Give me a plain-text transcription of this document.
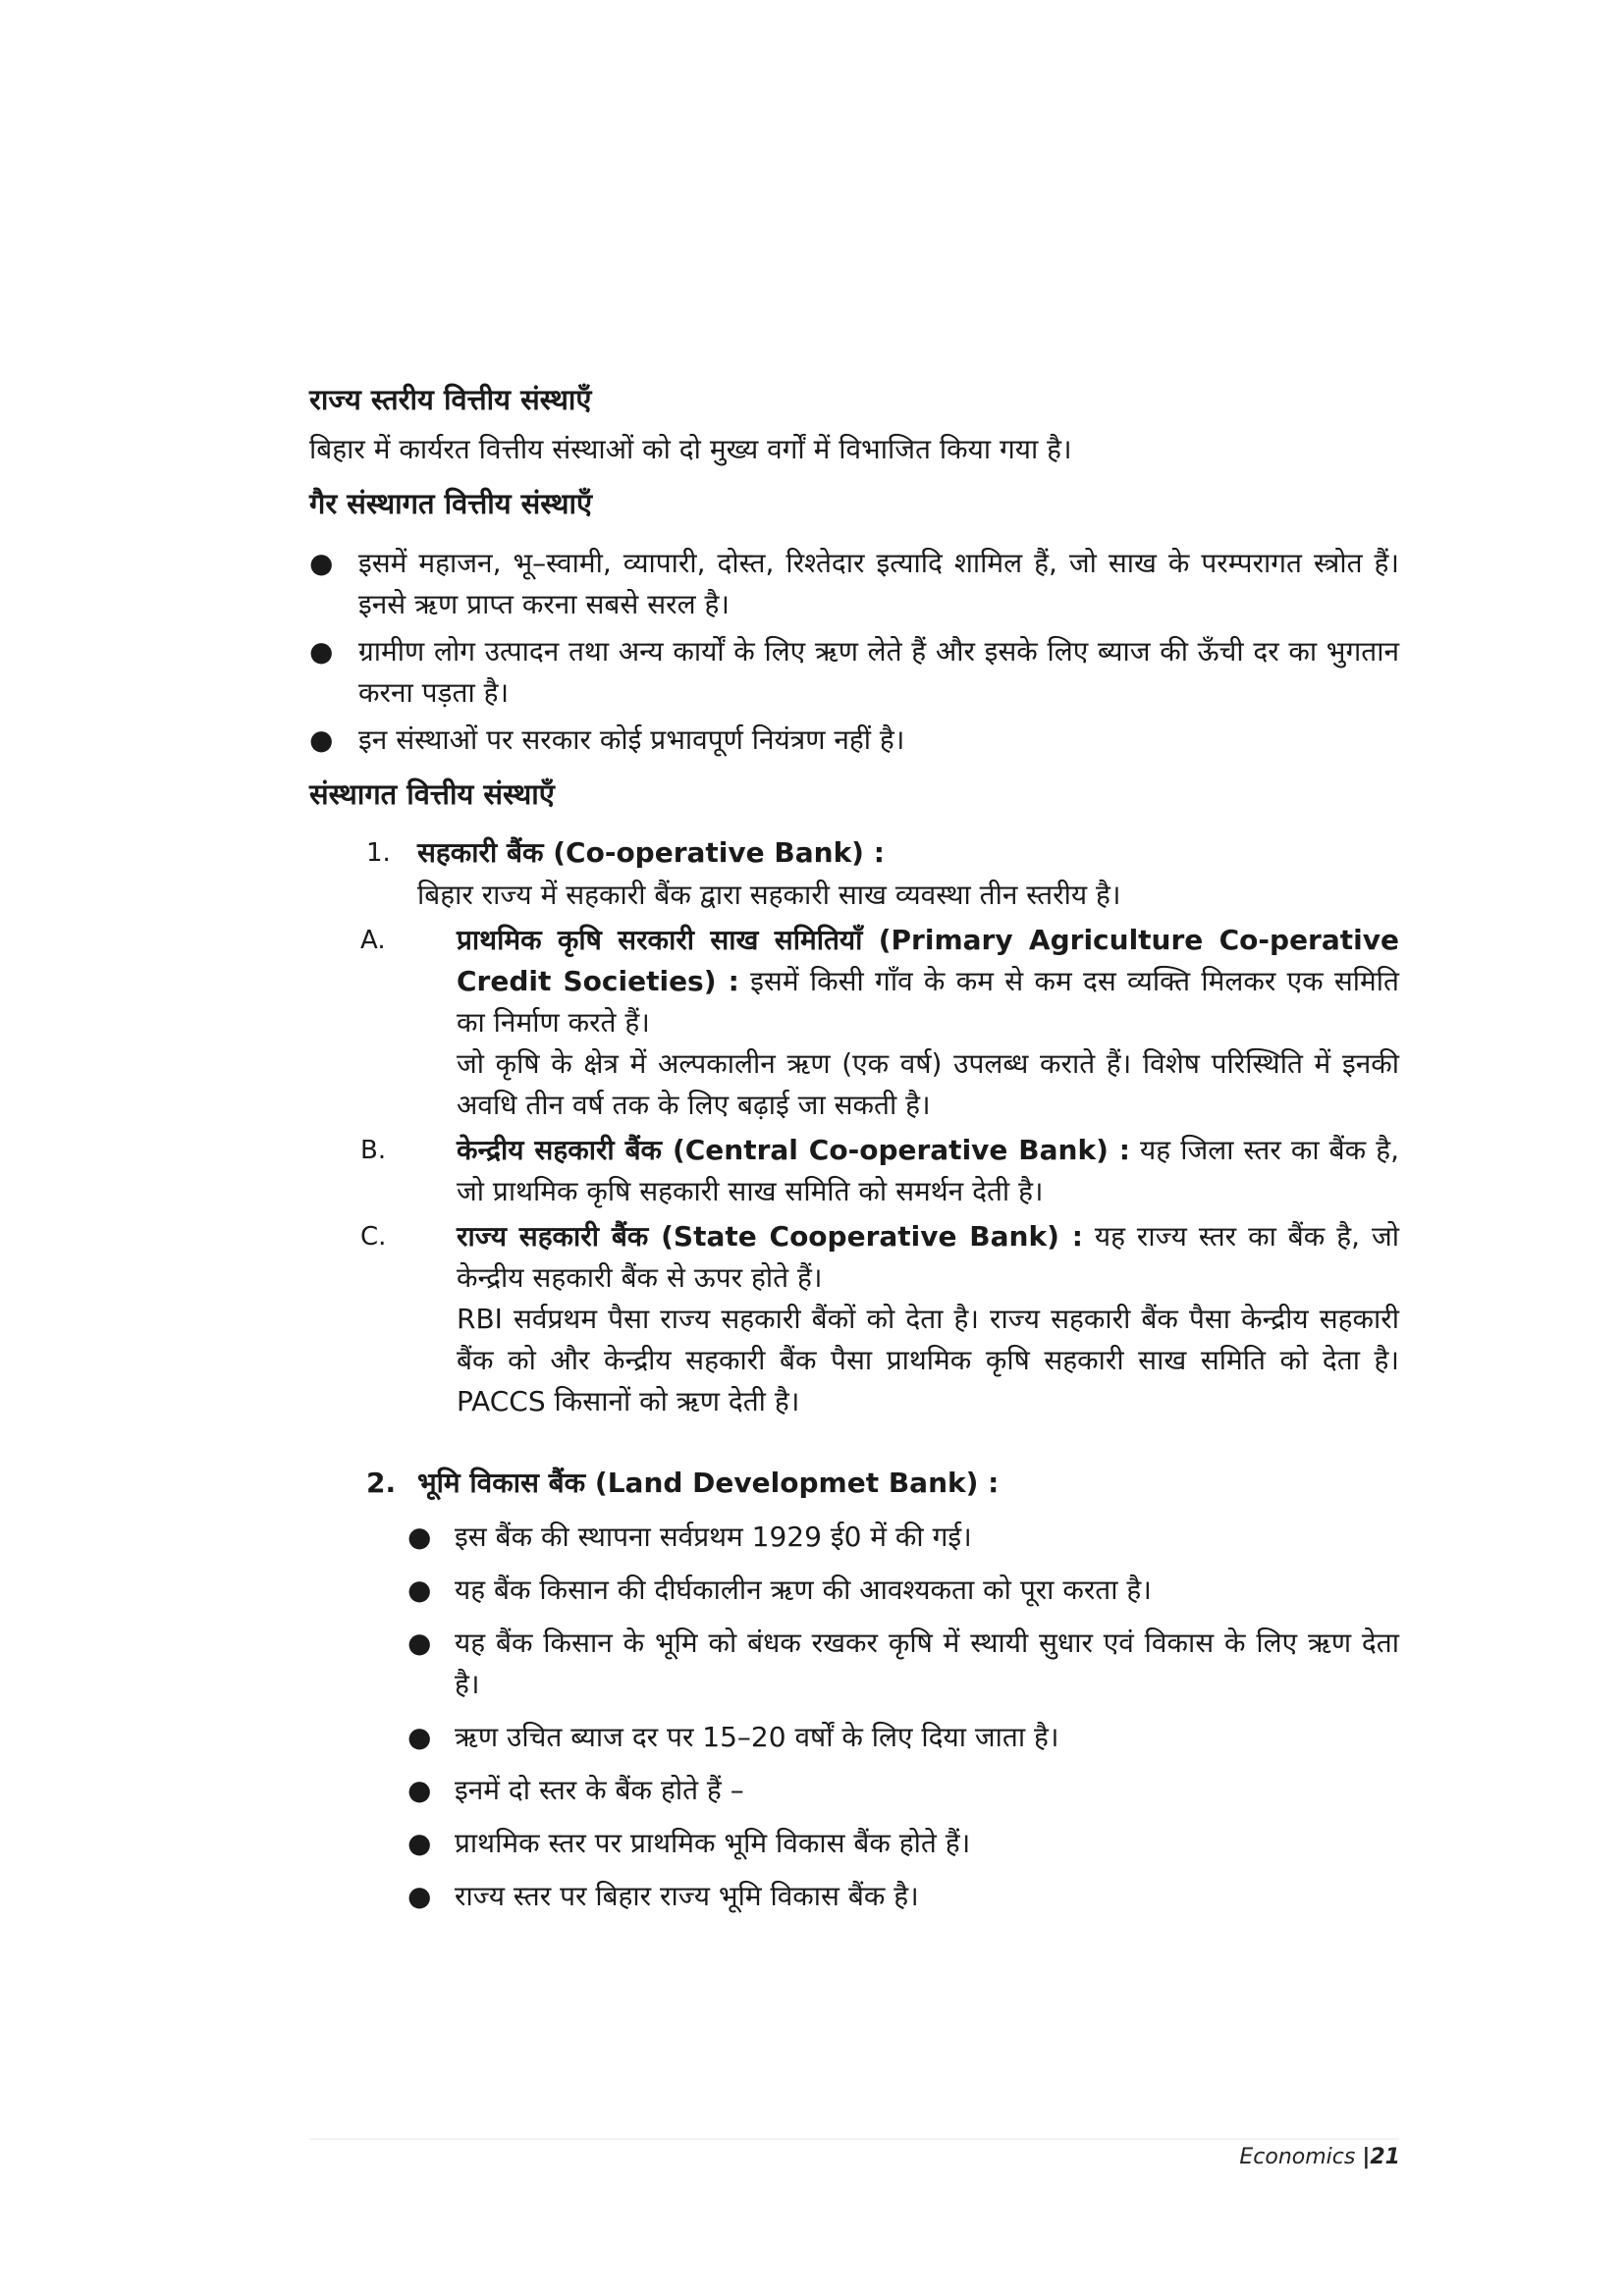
राज्य स्तरीय वित्तीय संस्थाएँ

बिहार में कार्यरत वित्तीय संस्थाओं को दो मुख्य वर्गों में विभाजित किया गया है।

गैर संस्थागत वित्तीय संस्थाएँ
● इसमें महाजन, भू–स्वामी, व्यापारी, दोस्त, रिश्तेदार इत्यादि शामिल हैं, जो साख के परम्परागत स्त्रोत हैं। इनसे ऋण प्राप्त करना सबसे सरल है।
● ग्रामीण लोग उत्पादन तथा अन्य कार्यों के लिए ऋण लेते हैं और इसके लिए ब्याज की ऊँची दर का भुगतान करना पड़ता है।
● इन संस्थाओं पर सरकार कोई प्रभावपूर्ण नियंत्रण नहीं है।
संस्थागत वित्तीय संस्थाएँ
1. सहकारी बैंक (Co-operative Bank) :
बिहार राज्य में सहकारी बैंक द्वारा सहकारी साख व्यवस्था तीन स्तरीय है।
A.	प्राथमिक कृषि सरकारी साख समितियाँ (Primary Agriculture Co-perative Credit Societies) : इसमें किसी गाँव के कम से कम दस व्यक्ति मिलकर एक समिति का निर्माण करते हैं।
जो कृषि के क्षेत्र में अल्पकालीन ऋण (एक वर्ष) उपलब्ध कराते हैं। विशेष परिस्थिति में इनकी अवधि तीन वर्ष तक के लिए बढ़ाई जा सकती है।
B.	केन्द्रीय सहकारी बैंक (Central Co-operative Bank) : यह जिला स्तर का बैंक है, जो प्राथमिक कृषि सहकारी साख समिति को समर्थन देती है।
C.	राज्य सहकारी बैंक (State Cooperative Bank) : यह राज्य स्तर का बैंक है, जो केन्द्रीय सहकारी बैंक से ऊपर होते हैं।
RBI सर्वप्रथम पैसा राज्य सहकारी बैंकों को देता है। राज्य सहकारी बैंक पैसा केन्द्रीय सहकारी बैंक को और केन्द्रीय सहकारी बैंक पैसा प्राथमिक कृषि सहकारी साख समिति को देता है। PACCS किसानों को ऋण देती है।
2. भूमि विकास बैंक (Land Developmet Bank) :
● इस बैंक की स्थापना सर्वप्रथम 1929 ई0 में की गई।
● यह बैंक किसान की दीर्घकालीन ऋण की आवश्यकता को पूरा करता है।
● यह बैंक किसान के भूमि को बंधक रखकर कृषि में स्थायी सुधार एवं विकास के लिए ऋण देता है।
● ऋण उचित ब्याज दर पर 15–20 वर्षों के लिए दिया जाता है।
● इनमें दो स्तर के बैंक होते हैं –
● प्राथमिक स्तर पर प्राथमिक भूमि विकास बैंक होते हैं।
● राज्य स्तर पर बिहार राज्य भूमि विकास बैंक है।
Economics |21
